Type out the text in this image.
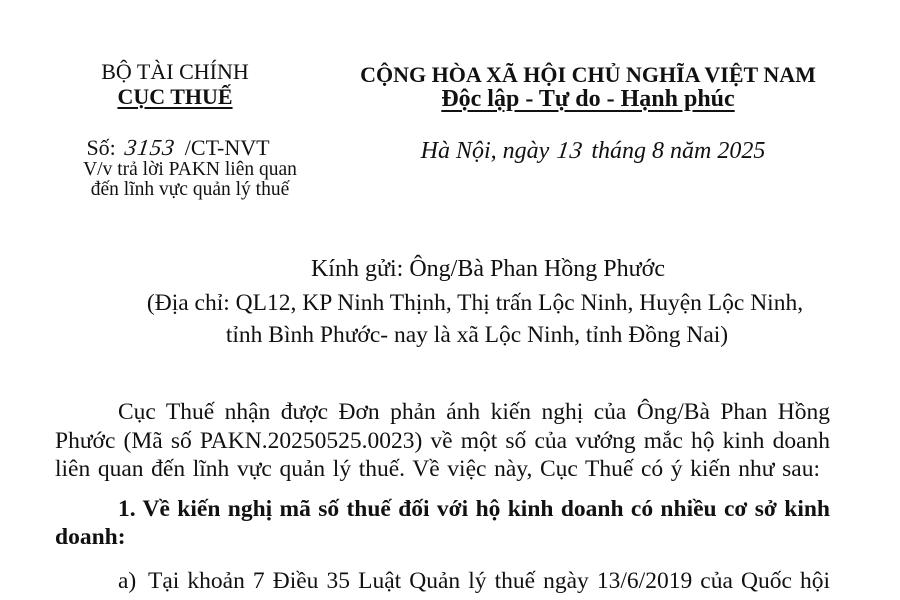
BỘ TÀI CHÍNH
CỤC THUẾ
Số: 3153 /CT-NVT
V/v trả lời PAKN liên quan
đến lĩnh vực quản lý thuế
CỘNG HÒA XÃ HỘI CHỦ NGHĨA VIỆT NAM
Độc lập - Tự do - Hạnh phúc
Hà Nội, ngày 13 tháng 8 năm 2025
Kính gửi: Ông/Bà Phan Hồng Phước
(Địa chỉ: QL12, KP Ninh Thịnh, Thị trấn Lộc Ninh, Huyện Lộc Ninh,
tỉnh Bình Phước- nay là xã Lộc Ninh, tỉnh Đồng Nai)
Cục Thuế nhận được Đơn phản ánh kiến nghị của Ông/Bà Phan Hồng
Phước (Mã số PAKN.20250525.0023) về một số của vướng mắc hộ kinh doanh
liên quan đến lĩnh vực quản lý thuế. Về việc này, Cục Thuế có ý kiến như sau:
1. Về kiến nghị mã số thuế đối với hộ kinh doanh có nhiều cơ sở kinh
doanh:
a) Tại khoản 7 Điều 35 Luật Quản lý thuế ngày 13/6/2019 của Quốc hội
